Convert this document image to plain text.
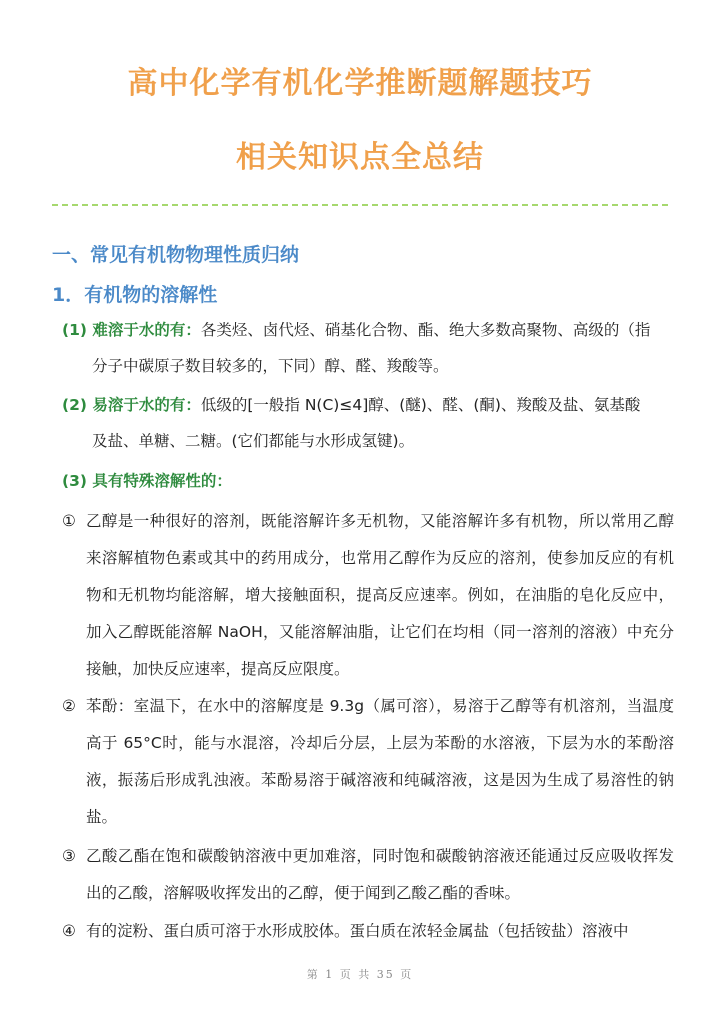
高中化学有机化学推断题解题技巧
相关知识点全总结
一、常见有机物物理性质归纳
1．有机物的溶解性
(1) 难溶于水的有：各类烃、卤代烃、硝基化合物、酯、绝大多数高聚物、高级的（指
分子中碳原子数目较多的，下同）醇、醛、羧酸等。
(2) 易溶于水的有：低级的[一般指 N(C)≤4]醇、(醚)、醛、(酮)、羧酸及盐、氨基酸
及盐、单糖、二糖。(它们都能与水形成氢键)。
(3) 具有特殊溶解性的：
① 乙醇是一种很好的溶剂，既能溶解许多无机物，又能溶解许多有机物，所以常用乙醇来溶解植物色素或其中的药用成分，也常用乙醇作为反应的溶剂，使参加反应的有机物和无机物均能溶解，增大接触面积，提高反应速率。例如，在油脂的皂化反应中，加入乙醇既能溶解 NaOH，又能溶解油脂，让它们在均相（同一溶剂的溶液）中充分接触，加快反应速率，提高反应限度。
② 苯酚：室温下，在水中的溶解度是 9.3g（属可溶），易溶于乙醇等有机溶剂，当温度高于 65°C时，能与水混溶，冷却后分层，上层为苯酚的水溶液，下层为水的苯酚溶液，振荡后形成乳浊液。苯酚易溶于碱溶液和纯碱溶液，这是因为生成了易溶性的钠盐。
③ 乙酸乙酯在饱和碳酸钠溶液中更加难溶，同时饱和碳酸钠溶液还能通过反应吸收挥发出的乙酸，溶解吸收挥发出的乙醇，便于闻到乙酸乙酯的香味。
④ 有的淀粉、蛋白质可溶于水形成胶体。蛋白质在浓轻金属盐（包括铵盐）溶液中
第 1 页 共 35 页
